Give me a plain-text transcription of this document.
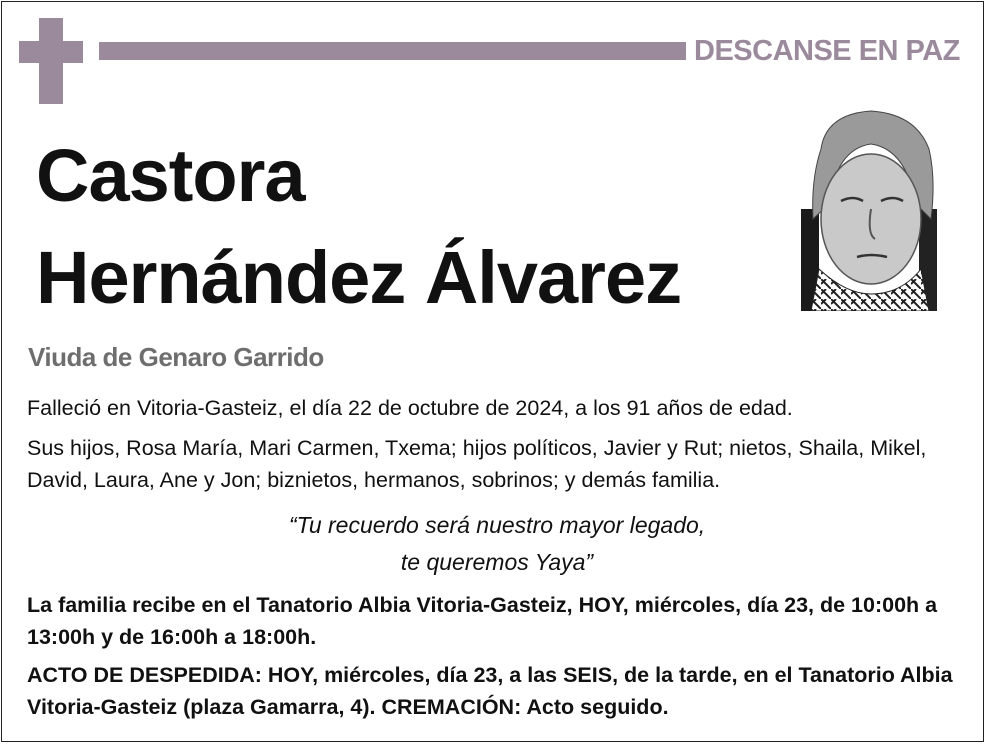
DESCANSE EN PAZ
Castora
Hernández Álvarez
Viuda de Genaro Garrido
Falleció en Vitoria-Gasteiz, el día 22 de octubre de 2024, a los 91 años de edad.
Sus hijos, Rosa María, Mari Carmen, Txema; hijos políticos, Javier y Rut; nietos, Shaila, Mikel, David, Laura, Ane y Jon; biznietos, hermanos, sobrinos; y demás familia.
“Tu recuerdo será nuestro mayor legado,
te queremos Yaya”
La familia recibe en el Tanatorio Albia Vitoria-Gasteiz, HOY, miércoles, día 23, de 10:00h a 13:00h y de 16:00h a 18:00h.
ACTO DE DESPEDIDA: HOY, miércoles, día 23, a las SEIS, de la tarde, en el Tanatorio Albia Vitoria-Gasteiz (plaza Gamarra, 4). CREMACIÓN: Acto seguido.
